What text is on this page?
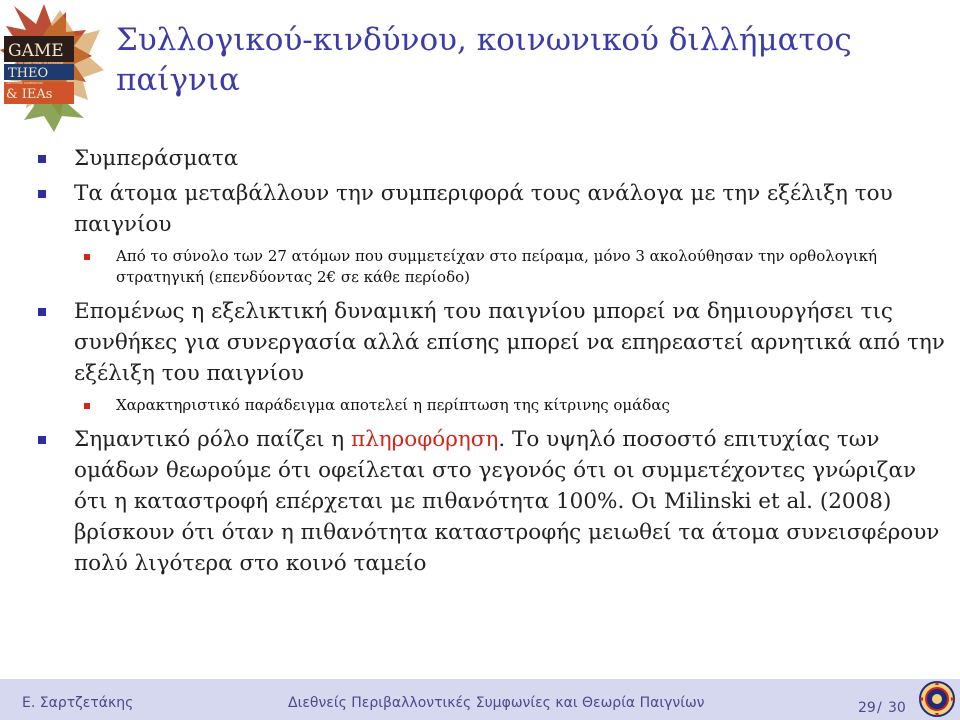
GAME
THEO
& IEAs
HOW TO USE GAME THEORY TO DETERMINE
AND EXTEND COOPERATION
Συλλογικού-κινδύνου, κοινωνικού διλλήματος παίγνια
Συμπεράσματα
Τα άτομα μεταβάλλουν την συμπεριφορά τους ανάλογα με την εξέλιξη του παιγνίου
Από το σύνολο των 27 ατόμων που συμμετείχαν στο πείραμα, μόνο 3 ακολούθησαν την ορθολογική στρατηγική (επενδύοντας 2€ σε κάθε περίοδο)
Επομένως η εξελικτική δυναμική του παιγνίου μπορεί να δημιουργήσει τις συνθήκες για συνεργασία αλλά επίσης μπορεί να επηρεαστεί αρνητικά από την εξέλιξη του παιγνίου
Χαρακτηριστικό παράδειγμα αποτελεί η περίπτωση της κίτρινης ομάδας
Σημαντικό ρόλο παίζει η πληροφόρηση. Το υψηλό ποσοστό επιτυχίας των ομάδων θεωρούμε ότι οφείλεται στο γεγονός ότι οι συμμετέχοντες γνώριζαν ότι η καταστροφή επέρχεται με πιθανότητα 100%. Οι Milinski et al. (2008) βρίσκουν ότι όταν η πιθανότητα καταστροφής μειωθεί τα άτομα συνεισφέρουν πολύ λιγότερα στο κοινό ταμείο
Ε. Σαρτζετάκης	Διεθνείς Περιβαλλοντικές Συμφωνίες και Θεωρία Παιγνίων	29 / 30
